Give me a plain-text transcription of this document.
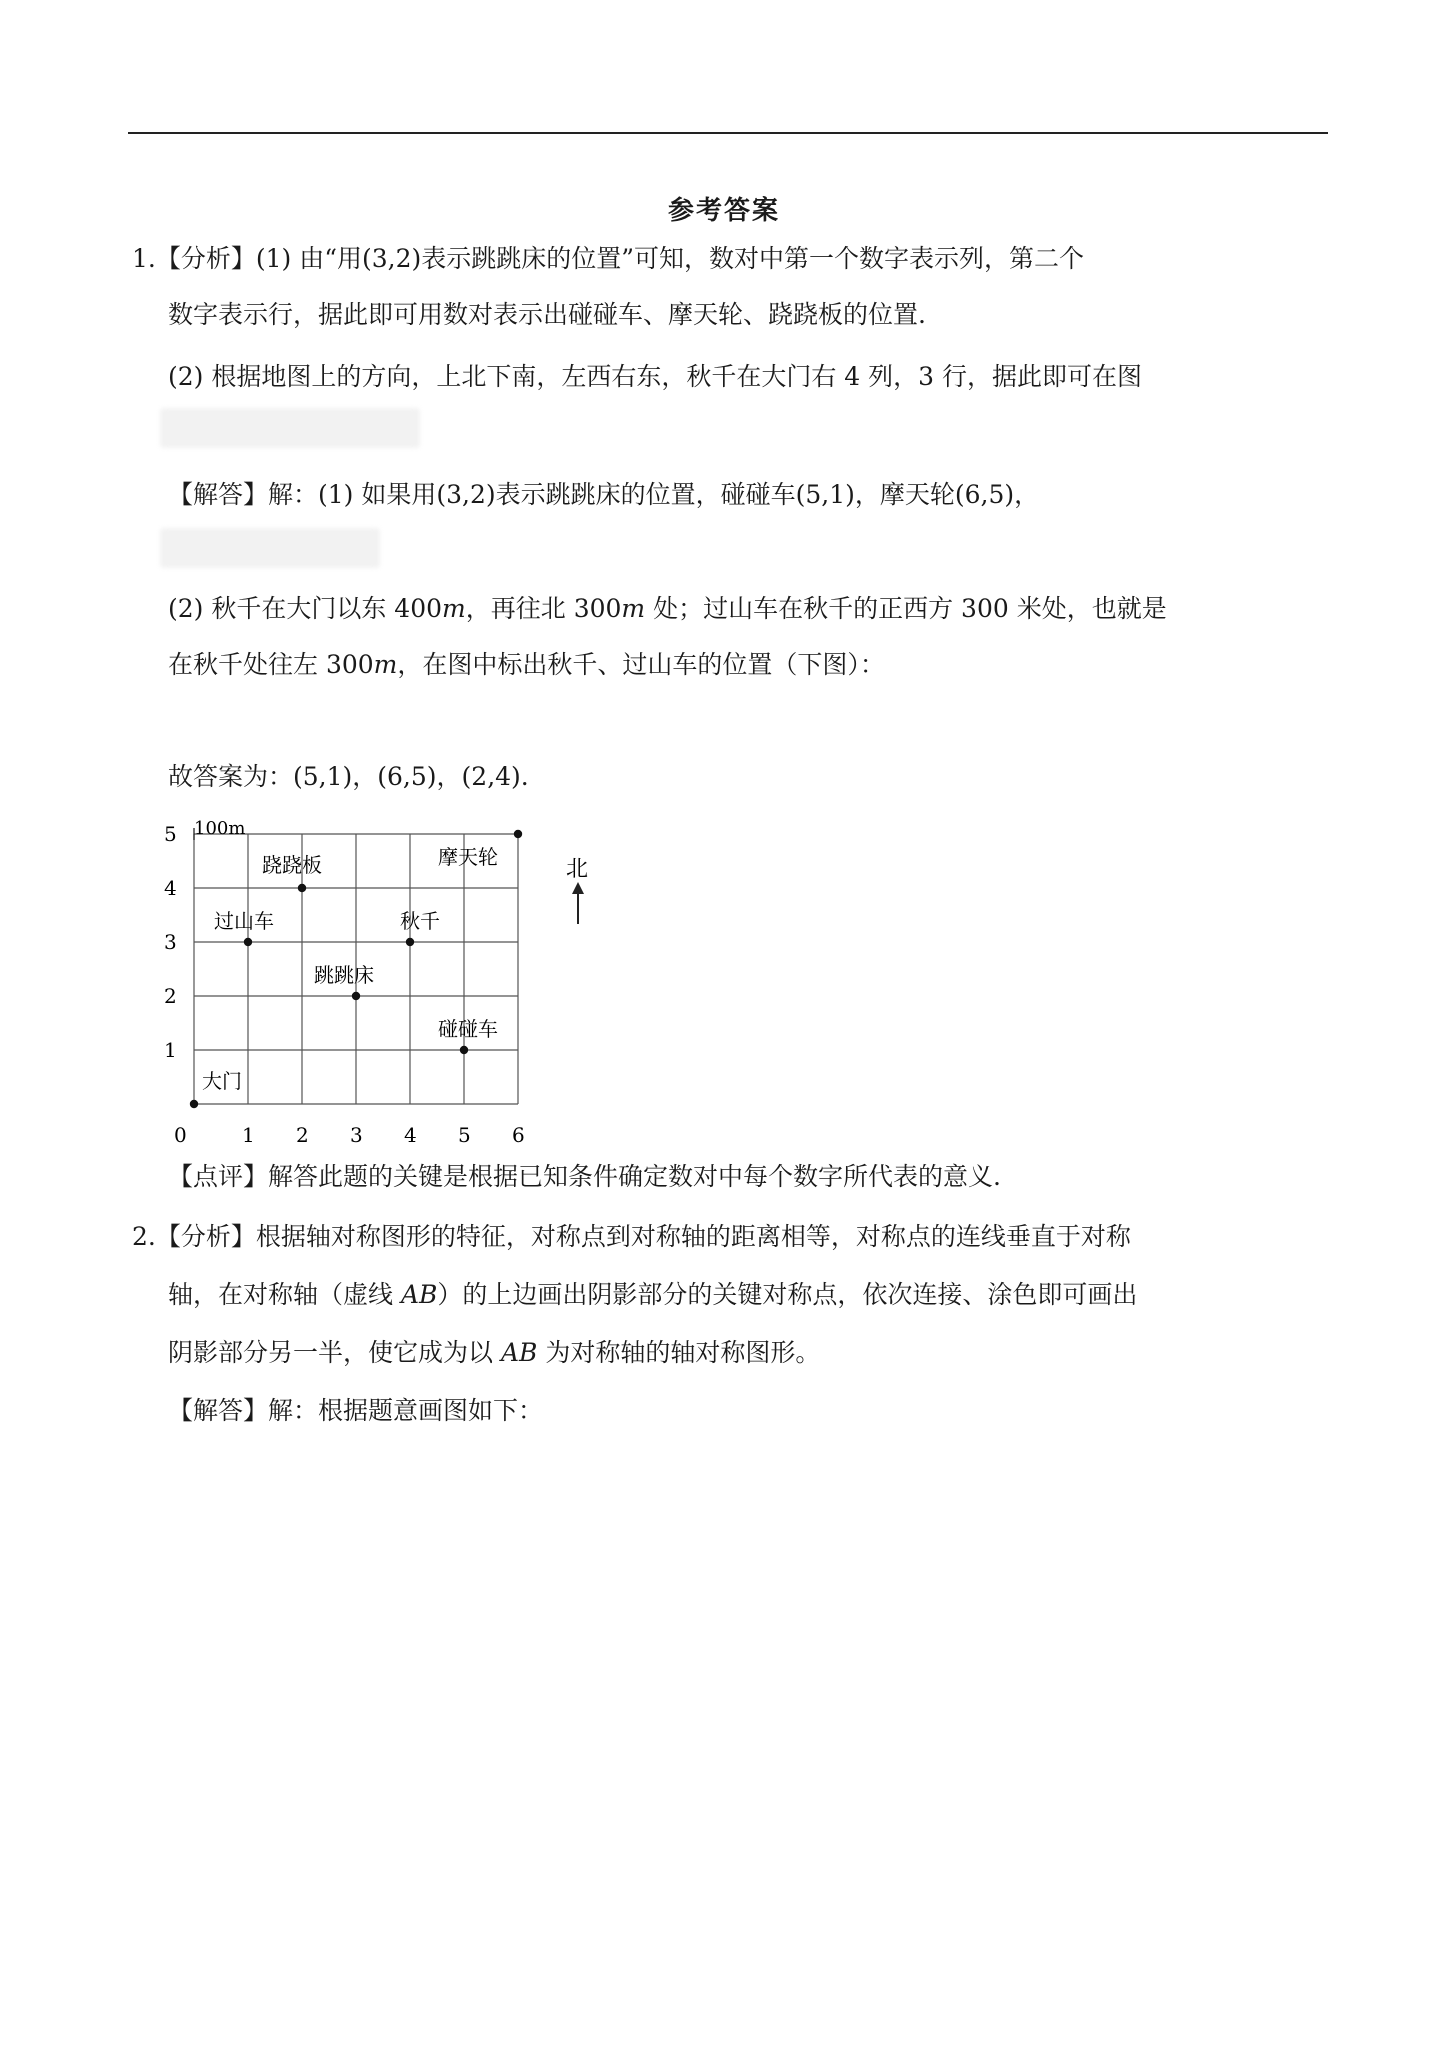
参考答案
1.【分析】(1) 由“用(3,2)表示跳跳床的位置”可知，数对中第一个数字表示列，第二个
数字表示行，据此即可用数对表示出碰碰车、摩天轮、跷跷板的位置.
(2) 根据地图上的方向，上北下南，左西右东，秋千在大门右 4 列，3 行，据此即可在图
【解答】解：(1) 如果用(3,2)表示跳跳床的位置，碰碰车(5,1)，摩天轮(6,5)，
(2) 秋千在大门以东 400m，再往北 300m 处；过山车在秋千的正西方 300 米处，也就是
在秋千处往左 300m，在图中标出秋千、过山车的位置（下图）：
故答案为：(5,1)，(6,5)，(2,4).
0	1 2 3 4 5 6
1
2
3
4
5
大门
碰碰车
跳跳床
秋千
过山车
跷跷板	摩天轮
100m
北
【点评】解答此题的关键是根据已知条件确定数对中每个数字所代表的意义.
2.【分析】根据轴对称图形的特征，对称点到对称轴的距离相等，对称点的连线垂直于对称
轴，在对称轴（虚线 AB）的上边画出阴影部分的关键对称点，依次连接、涂色即可画出
阴影部分另一半，使它成为以 AB 为对称轴的轴对称图形。
【解答】解：根据题意画图如下：
